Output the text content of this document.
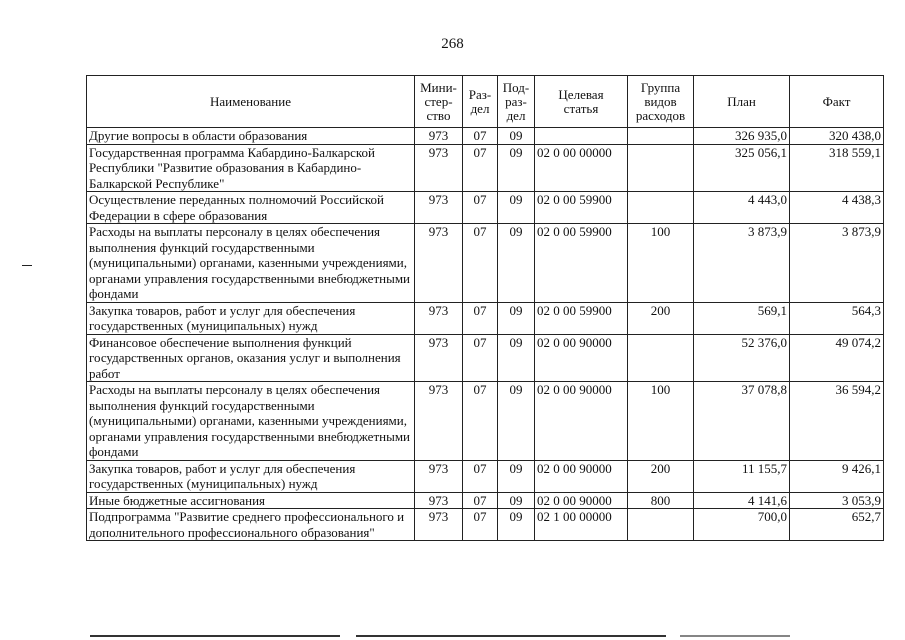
268
Наименование	Мини-
стер-
ство	Раз-
дел	Под-
раз-
дел	Целевая
статья	Группа
видов
расходов	План	Факт
Другие вопросы в области образования	973	07	09			326 935,0	320 438,0
Государственная программа Кабардино-Балкарской Республики "Развитие образования в Кабардино-Балкарской Республике"	973	07	09	02 0 00 00000		325 056,1	318 559,1
Осуществление переданных полномочий Российской Федерации в сфере образования	973	07	09	02 0 00 59900		4 443,0	4 438,3
Расходы на выплаты персоналу в целях обеспечения выполнения функций государственными (муниципальными) органами, казенными учреждениями, органами управления государственными внебюджетными фондами	973	07	09	02 0 00 59900	100	3 873,9	3 873,9
Закупка товаров, работ и услуг для обеспечения государственных (муниципальных) нужд	973	07	09	02 0 00 59900	200	569,1	564,3
Финансовое обеспечение выполнения функций государственных органов, оказания услуг и выполнения работ	973	07	09	02 0 00 90000		52 376,0	49 074,2
Расходы на выплаты персоналу в целях обеспечения выполнения функций государственными (муниципальными) органами, казенными учреждениями, органами управления государственными внебюджетными фондами	973	07	09	02 0 00 90000	100	37 078,8	36 594,2
Закупка товаров, работ и услуг для обеспечения государственных (муниципальных) нужд	973	07	09	02 0 00 90000	200	11 155,7	9 426,1
Иные бюджетные ассигнования	973	07	09	02 0 00 90000	800	4 141,6	3 053,9
Подпрограмма "Развитие среднего профессионального и дополнительного профессионального образования"	973	07	09	02 1 00 00000		700,0	652,7
